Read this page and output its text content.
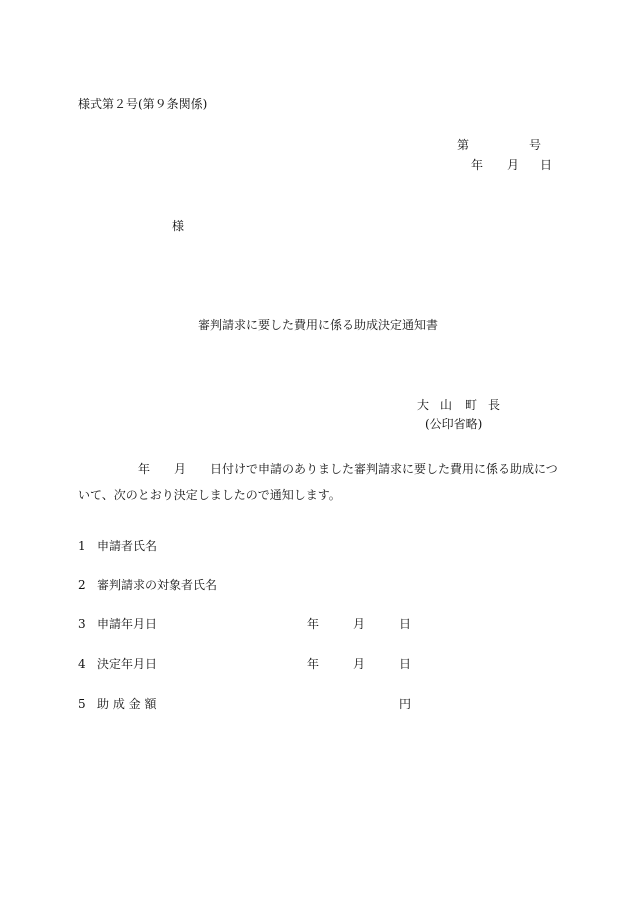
様式第２号(第９条関係)
第	号
年 月 日
様
審判請求に要した費用に係る助成決定通知書
大 山 町 長
(公印省略)
年 月 日付けで申請のありました審判請求に要した費用に係る助成について、次のとおり決定しましたので通知します。
1 申請者氏名
2 審判請求の対象者氏名
3 申請年月日	年	月	日
4 決定年月日	年	月	日
5 助 成 金 額	円
